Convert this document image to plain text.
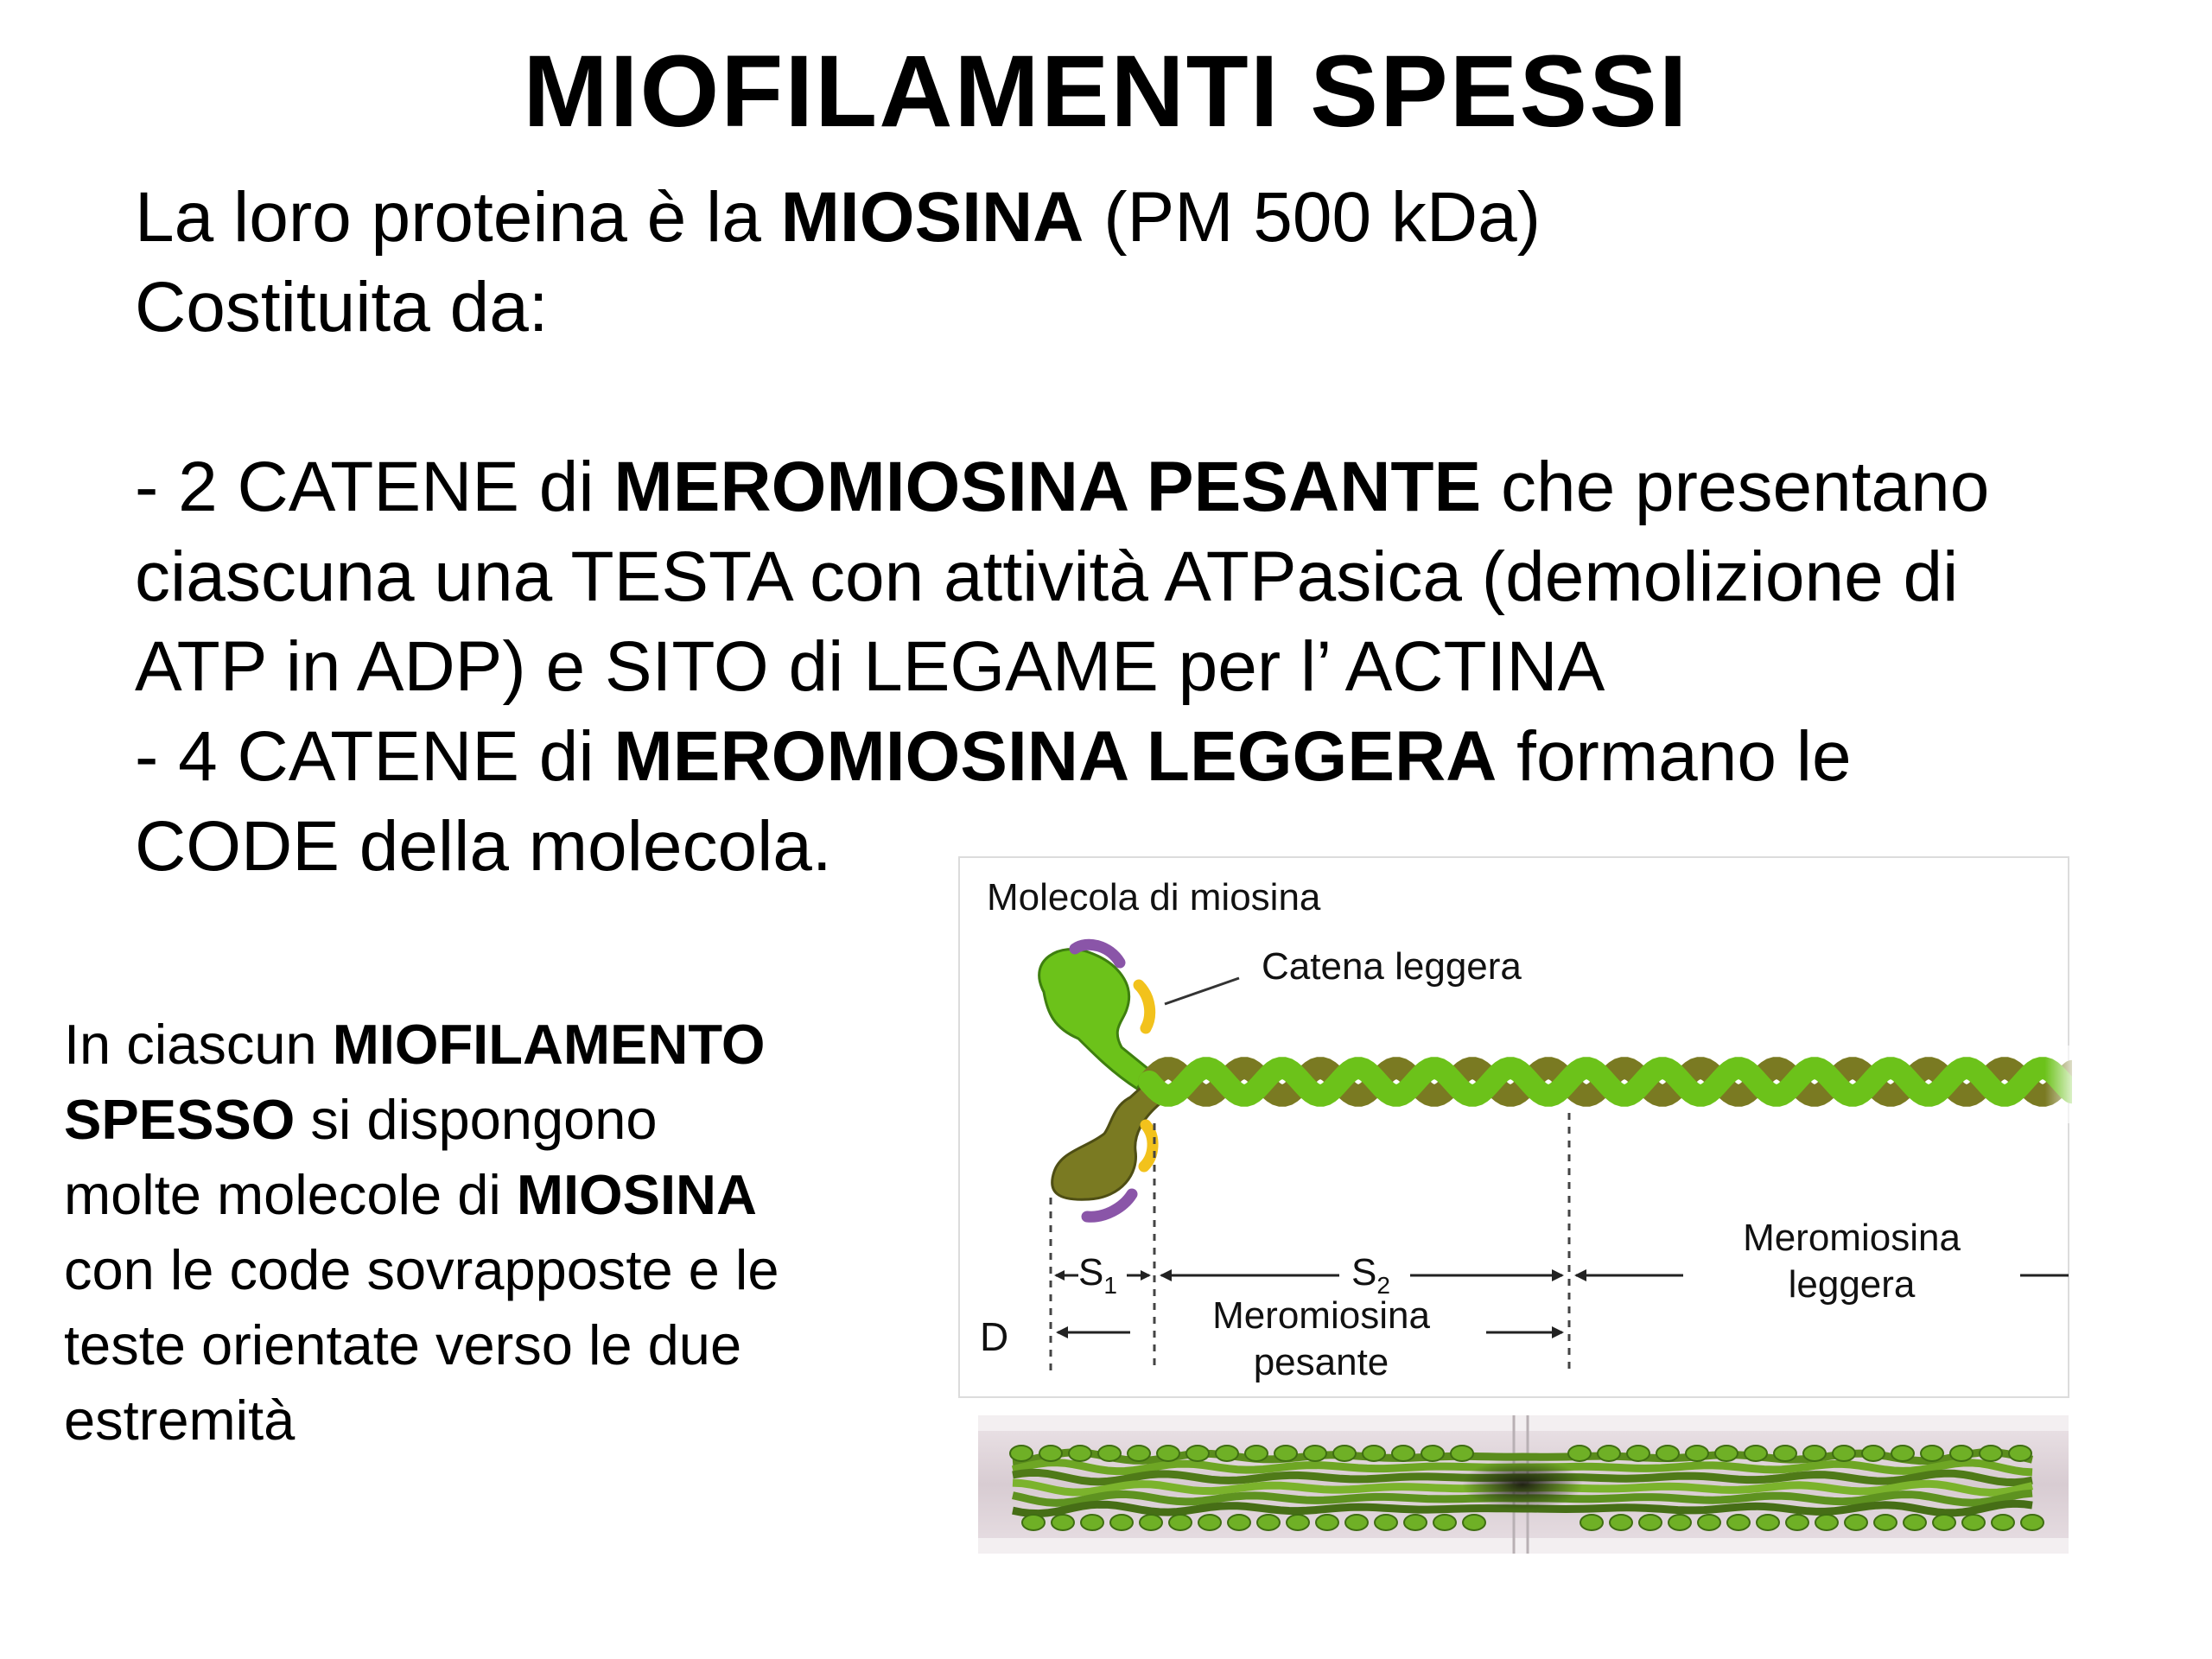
MIOFILAMENTI SPESSI
La loro proteina è la MIOSINA (PM 500 kDa)
Costituita da:

- 2 CATENE di MEROMIOSINA PESANTE che presentano
ciascuna una TESTA con attività ATPasica (demolizione di
ATP in ADP) e SITO di LEGAME per l’ ACTINA
- 4 CATENE di MEROMIOSINA LEGGERA formano le
CODE della molecola.
In ciascun MIOFILAMENTO
SPESSO si dispongono
molte molecole di MIOSINA
con le code sovrapposte e le
teste orientate verso le due
estremità
Molecola di miosina
Catena leggera
$S_1$	$S_2$
Meromiosina
pesante
Meromiosina
leggera
D
